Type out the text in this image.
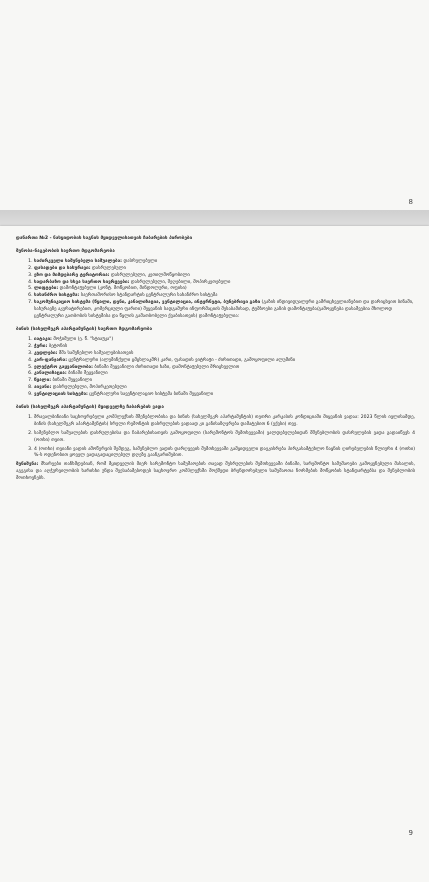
8
დანართი №2 - ნასყიდობის საგნის მყიდველისათვის ჩაბარების პირობები
შენობა-ნაგებობის საერთო მდგომარეობა
1. საძირკველი საშენებელი საშუალება: დასრულებული
2. ფასადები და სახურავი: დასრულებული
3. ეზო და მიმდებარე ტერიტორია: დასრულებული, კეთილმოწყობილი
4. სადარბაზო და სხვა საერთო სივრცეები: დასრულებული, შეღებილი, მოპირკეთებული
5. ლიფტები: დამონტაჟებული (კონტ. მოწყობით, მინდოლური, ოფისი)
6. სახანძრო სისტემა: საერთაშორისო სტანდარტის ცენტრალური სახანძრო სისტემა
7. საკომუნიკაციო სისტემა (წყალი, დენი, კანალიზაცია, ვენტილაცია, ინტერნეტი, ბუნებრივი გაზი (გაზის ინდივიდუალური გამრიცხველიანებით და დარიცხვით ბინაში, სახურავზე აკურატირებით, კომერციული ფართი) შეყვანის სადგამური ინფორმაციის შესაბამისად, ტუმბოები გაზის დამონტაჟება/გამოყენება დასაშვებია მხოლოდ ცენტრალური გათბობის სისტემისა და წყლის გამათბობელი ქვაბისათვის) დამონტაჟებულია:
ბინის (სახელშეკრ აპარტამენტის) საერთო მდგომარეობა
1. იატაკი: მოჭიმული (ე. წ. "სტიაჟკა")
2. ჭერი: ბეტონის
3. კედლები: მშა საშენებლო საშუალებისათვის
4. კარ-ფანჯარა: ცენტრალური (ალუმინქული ცმცხლაკმრ) კარი, ფასადის ვიტრაჟი - ძირითადი, გამოყოფილი ალუმინი
5. ელექტრო გაყვანილობა: ბინაში შეყვანილი ძირითადი ხაზი, დამონტაჟებული მრიცხველით
6. კანალიზაცია: ბინაში შეყვანილი
7. წყალი: ბინაში შეყვანილი
8. აივანი: დასრულებული, მოპირკეთებული
9. ვენტილაციის სისტემა: ცენტრალური სავენტილაციო სისტემა ბინაში შეყვანილი
ბინის (სახელშეკრ აპარტამენტის) მყიდველზე ჩაბარების ვადა

1. მრავალბინიანი საცხოვრებელი კომპლექსის მშენებლობისა და ბინის (სახელშეკრ აპარტამენტის) თეთრი კარკასის კონდიციაში მიყვანის ვადაა: 2023 წლის ივლისამდე, ბინის (სახელშეკრ აპარტამენტის) სრული რემონტის დასრულების ვადაად კი განისაზღვრება დამატებით 6 (ექვსი) თვე.

2. საშენებლო საშუალების დასრულებისა და ჩაბარებისათვის გამოყოფილი (სარემონტოს შემთხვევაში) ვალდებულებიდან მშენებლობის დასრულების ვადა გადაიწევს 4 (ოთხი) თვით.

3. 4 (ოთხი) თვიანი ვადის ამოწურვის შემდეგ, საშენებლო ვადის დარღვევის შემთხვევაში გამყიდველი დაეკისრება პირგასამტეხლო ნაყნის ღირებულების წლიური 4 (ოთხი) %-ს ოდენობით ყოველ ვადაგადაცილებულ დღეზე გაანგარიშებით.

შენიშვნა: მხარეები თანხმდებიან, რომ მყიდველის მიერ სარემონტო სამუშაოების თავად შესრულების შემთხვევაში ბინაში, სარემონტო სამუშაოები გამოყენებული მასალის, აგეგისა და აღჭურვილობის ხარისხი უნდა შეესაბამებოდეს საცხოვრო კომპლექსში მოქმედი ბრენდორებული სამუშაოთა ნორმების მოწყობის სტანდარტებსა და შენებლობის მოთხოვნებს.

9
